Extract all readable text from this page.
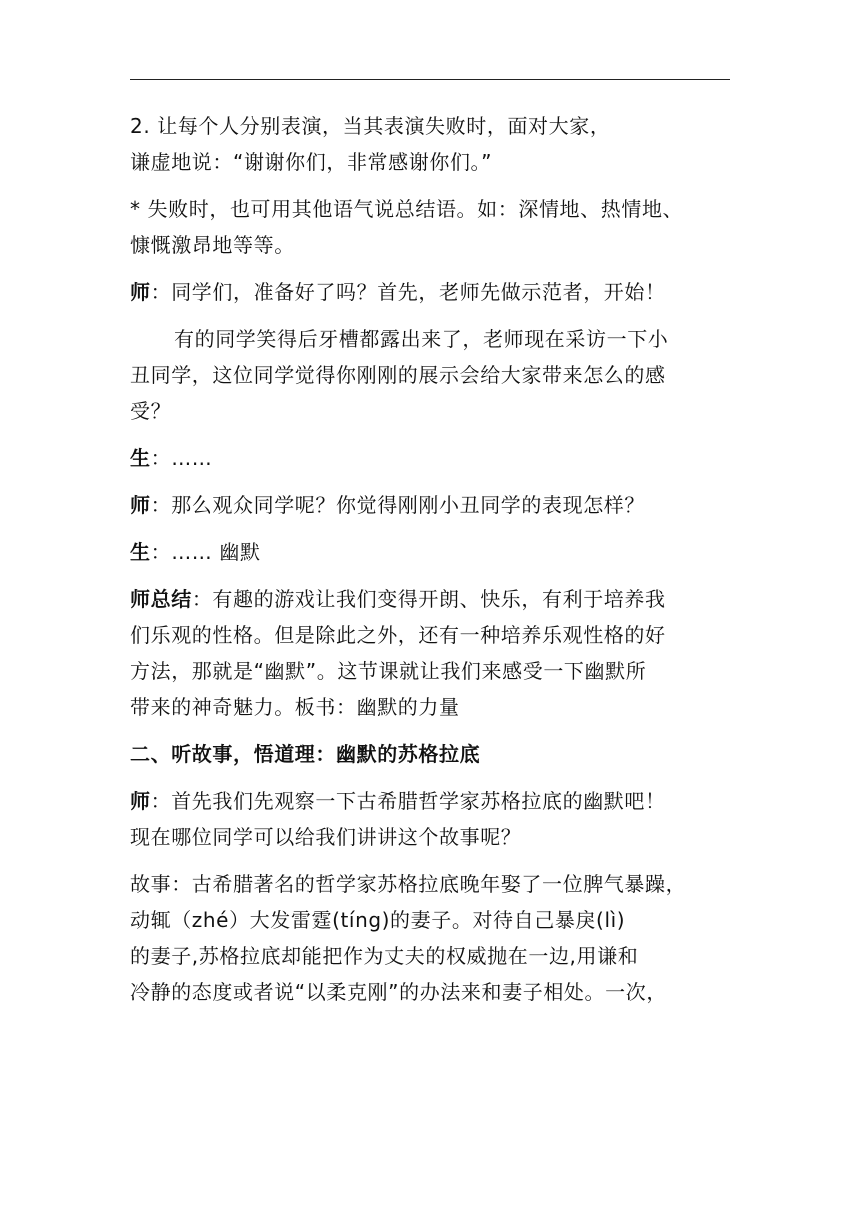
2. 让每个人分别表演，当其表演失败时，面对大家，
谦虚地说：“谢谢你们，非常感谢你们。”
* 失败时，也可用其他语气说总结语。如：深情地、热情地、
慷慨激昂地等等。
师：同学们，准备好了吗？首先，老师先做示范者，开始！
有的同学笑得后牙槽都露出来了，老师现在采访一下小
丑同学，这位同学觉得你刚刚的展示会给大家带来怎么的感
受？
生：……
师：那么观众同学呢？你觉得刚刚小丑同学的表现怎样？
生：…… 幽默
师总结：有趣的游戏让我们变得开朗、快乐，有利于培养我
们乐观的性格。但是除此之外，还有一种培养乐观性格的好
方法，那就是“幽默”。这节课就让我们来感受一下幽默所
带来的神奇魅力。板书：幽默的力量
二、听故事，悟道理：幽默的苏格拉底
师：首先我们先观察一下古希腊哲学家苏格拉底的幽默吧！
现在哪位同学可以给我们讲讲这个故事呢？
故事：古希腊著名的哲学家苏格拉底晚年娶了一位脾气暴躁，
动辄（zhé）大发雷霆(tíng)的妻子。对待自己暴戾(lì)
的妻子,苏格拉底却能把作为丈夫的权威抛在一边,用谦和
冷静的态度或者说“以柔克刚”的办法来和妻子相处。一次，
